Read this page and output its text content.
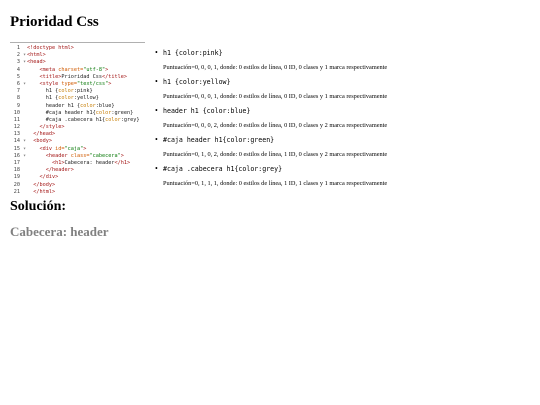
Prioridad Css
1	<!doctype html>
2 ▾ <html>
3 ▾ <head>
4	<meta charset="utf-8">
5	<title>Prioridad Css</title>
6 ▾	<style type="text/css">
7	h1 {color:pink}
8	h1 {color:yellow}
9	header h1 {color:blue}
10	#caja header h1{color:green}
11	#caja .cabecera h1{color:grey}
12	</style>
13	</head>
14 ▾	<body>
15 ▾	<div id="caja">
16 ▾	<header class="cabecera">
17	<h1>Cabecera: header</h1>
18	</header>
19	</div>
20	</body>
21	</html>
• h1 {color:pink}
Puntuación=0, 0, 0, 1, donde: 0 estilos de línea, 0 ID, 0 clases y 1 marca respectivamente
• h1 {color:yellow}
Puntuación=0, 0, 0, 1, donde: 0 estilos de línea, 0 ID, 0 clases y 1 marca respectivamente
• header h1 {color:blue}
Puntuación=0, 0, 0, 2, donde: 0 estilos de línea, 0 ID, 0 clases y 2 marca respectivamente
• #caja header h1{color:green}
Puntuación=0, 1, 0, 2, donde: 0 estilos de línea, 1 ID, 0 clases y 2 marca respectivamente
• #caja .cabecera h1{color:grey}
Puntuación=0, 1, 1, 1, donde: 0 estilos de línea, 1 ID, 1 clases y 1 marca respectivamente
Solución:
Cabecera: header
